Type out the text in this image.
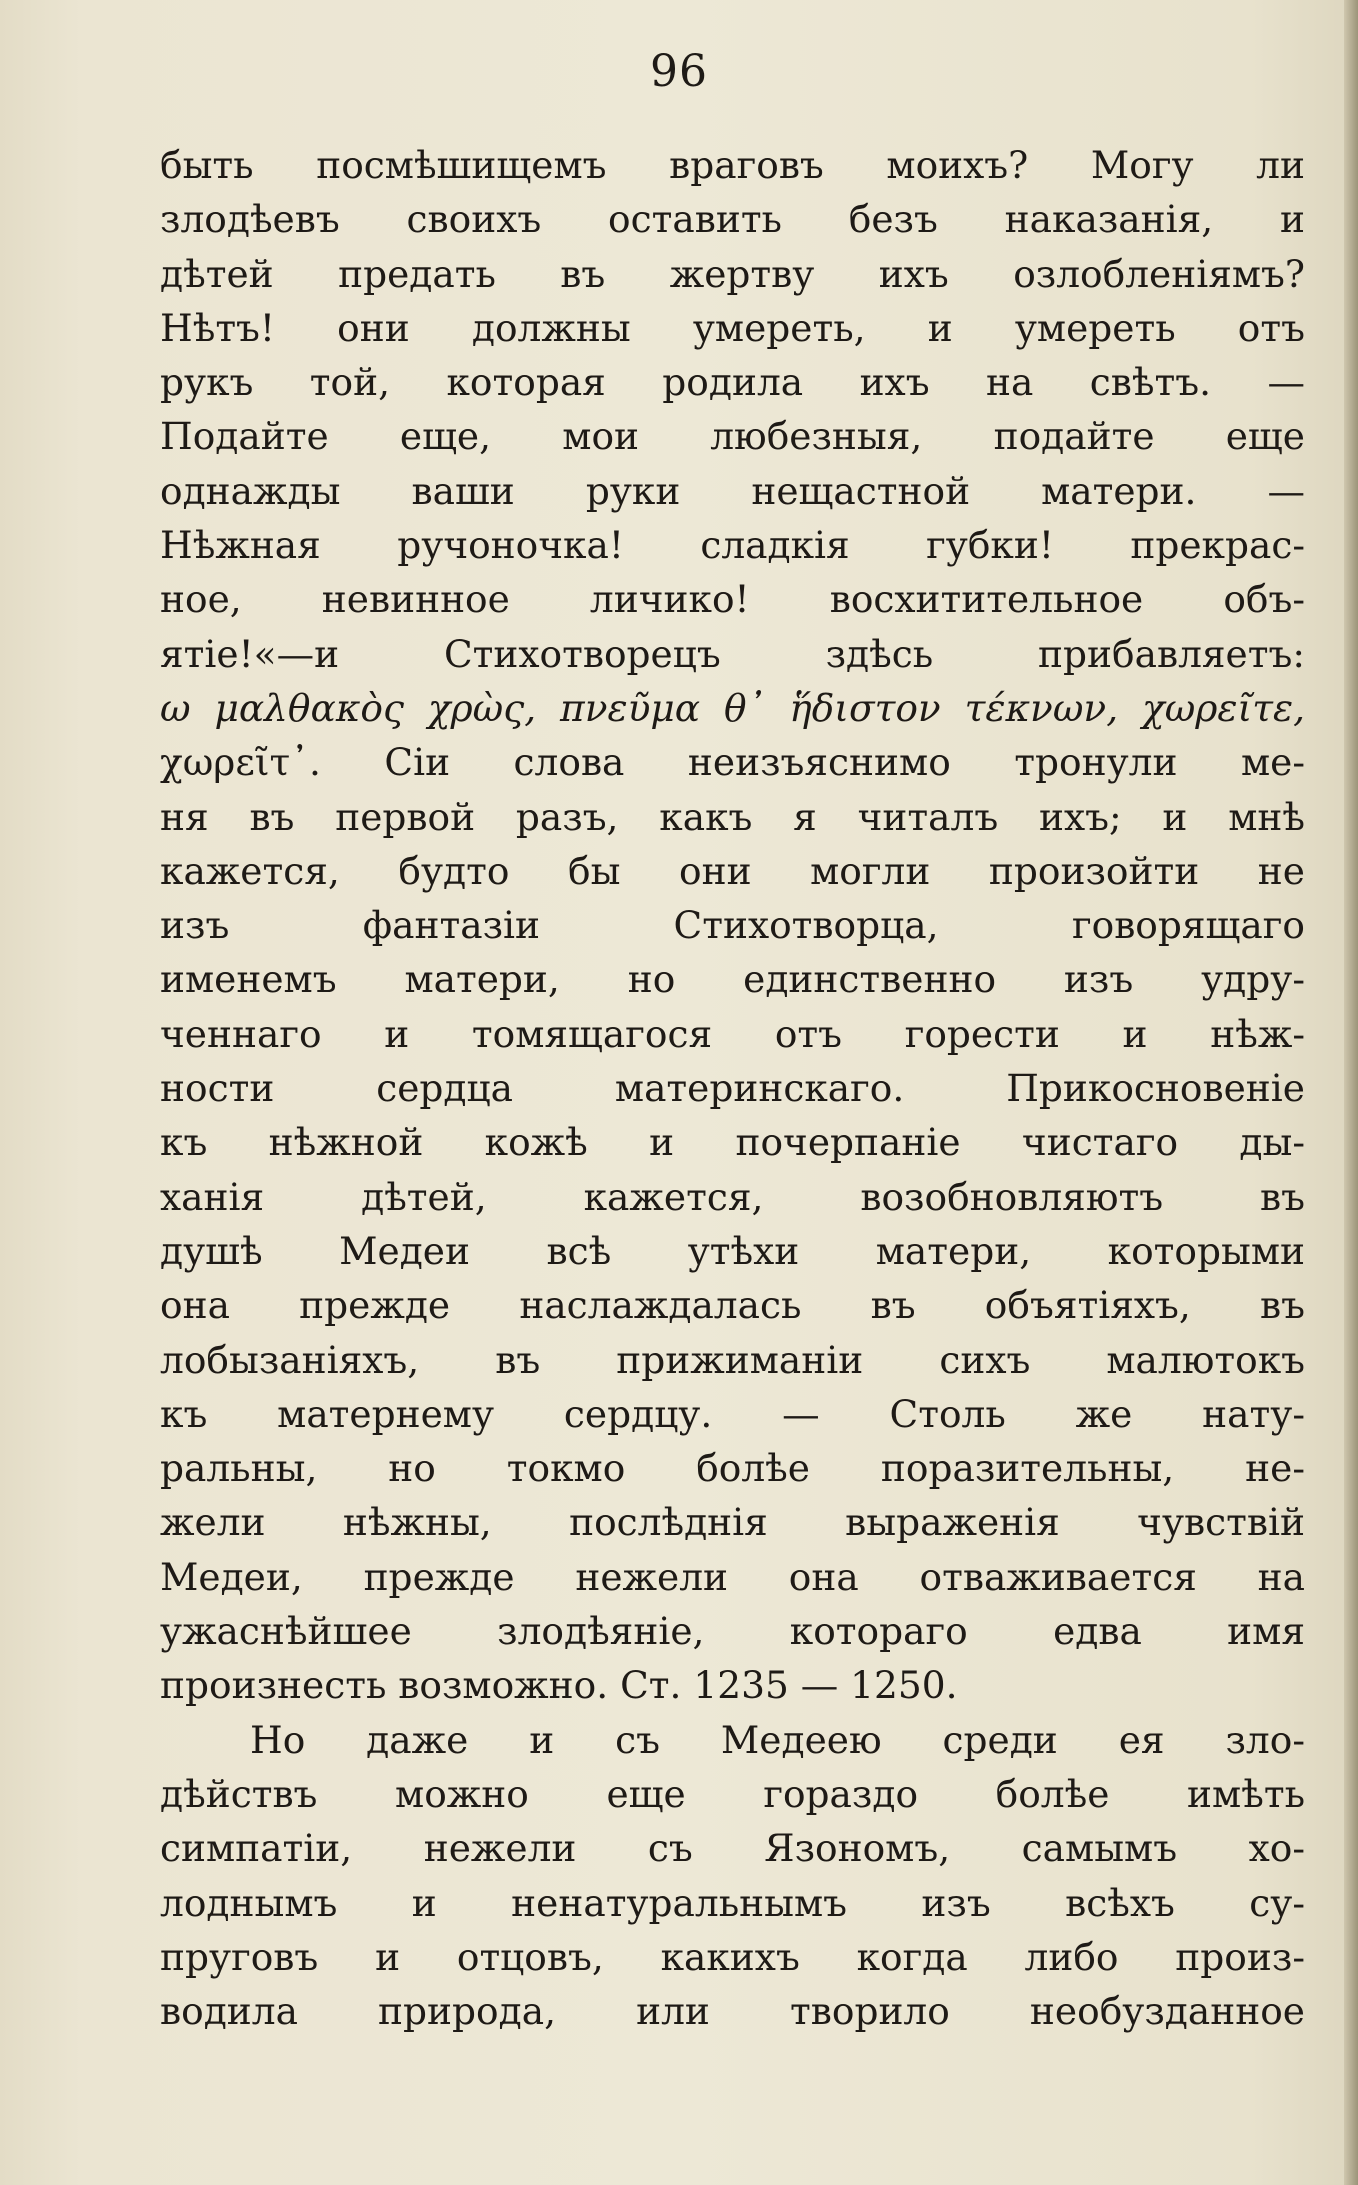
96
быть посмѣшищемъ враговъ моихъ? Могу ли
злодѣевъ своихъ оставить безъ наказанія, и
дѣтей предать въ жертву ихъ озлобленіямъ?
Нѣтъ! они должны умереть, и умереть отъ
рукъ той, которая родила ихъ на свѣтъ. —
Подайте еще, мои любезныя, подайте еще
однажды ваши руки нещастной матери. —
Нѣжная ручоночка! сладкія губки! прекрас-
ное, невинное личико! восхитительное объ-
ятіе!«—и Стихотворецъ здѣсь прибавляетъ:
ω μαλθακὸς χρὼς, πνεῦμα θ᾽ ἥδιστον τέκνων, χωρεῖτε,
χωρεῖτ᾽. Сіи слова неизъяснимо тронули ме-
ня въ первой разъ, какъ я читалъ ихъ; и мнѣ
кажется, будто бы они могли произойти не
изъ фантазіи Стихотворца, говорящаго
именемъ матери, но единственно изъ удру-
ченнаго и томящагося отъ горести и нѣж-
ности сердца материнскаго. Прикосновеніе
къ нѣжной кожѣ и почерпаніе чистаго ды-
ханія дѣтей, кажется, возобновляютъ въ
душѣ Медеи всѣ утѣхи матери, которыми
она прежде наслаждалась въ объятіяхъ, въ
лобызаніяхъ, въ прижиманіи сихъ малютокъ
къ матернему сердцу. — Столь же нату-
ральны, но токмо болѣе поразительны, не-
жели нѣжны, послѣднія выраженія чувствій
Медеи, прежде нежели она отваживается на
ужаснѣйшее злодѣяніе, котораго едва имя
произнесть возможно. Ст. 1235 — 1250.
Но даже и съ Медеею среди ея зло-
дѣйствъ можно еще гораздо болѣе имѣть
симпатіи, нежели съ Язономъ, самымъ хо-
лоднымъ и ненатуральнымъ изъ всѣхъ су-
пруговъ и отцовъ, какихъ когда либо произ-
водила природа, или творило необузданное
